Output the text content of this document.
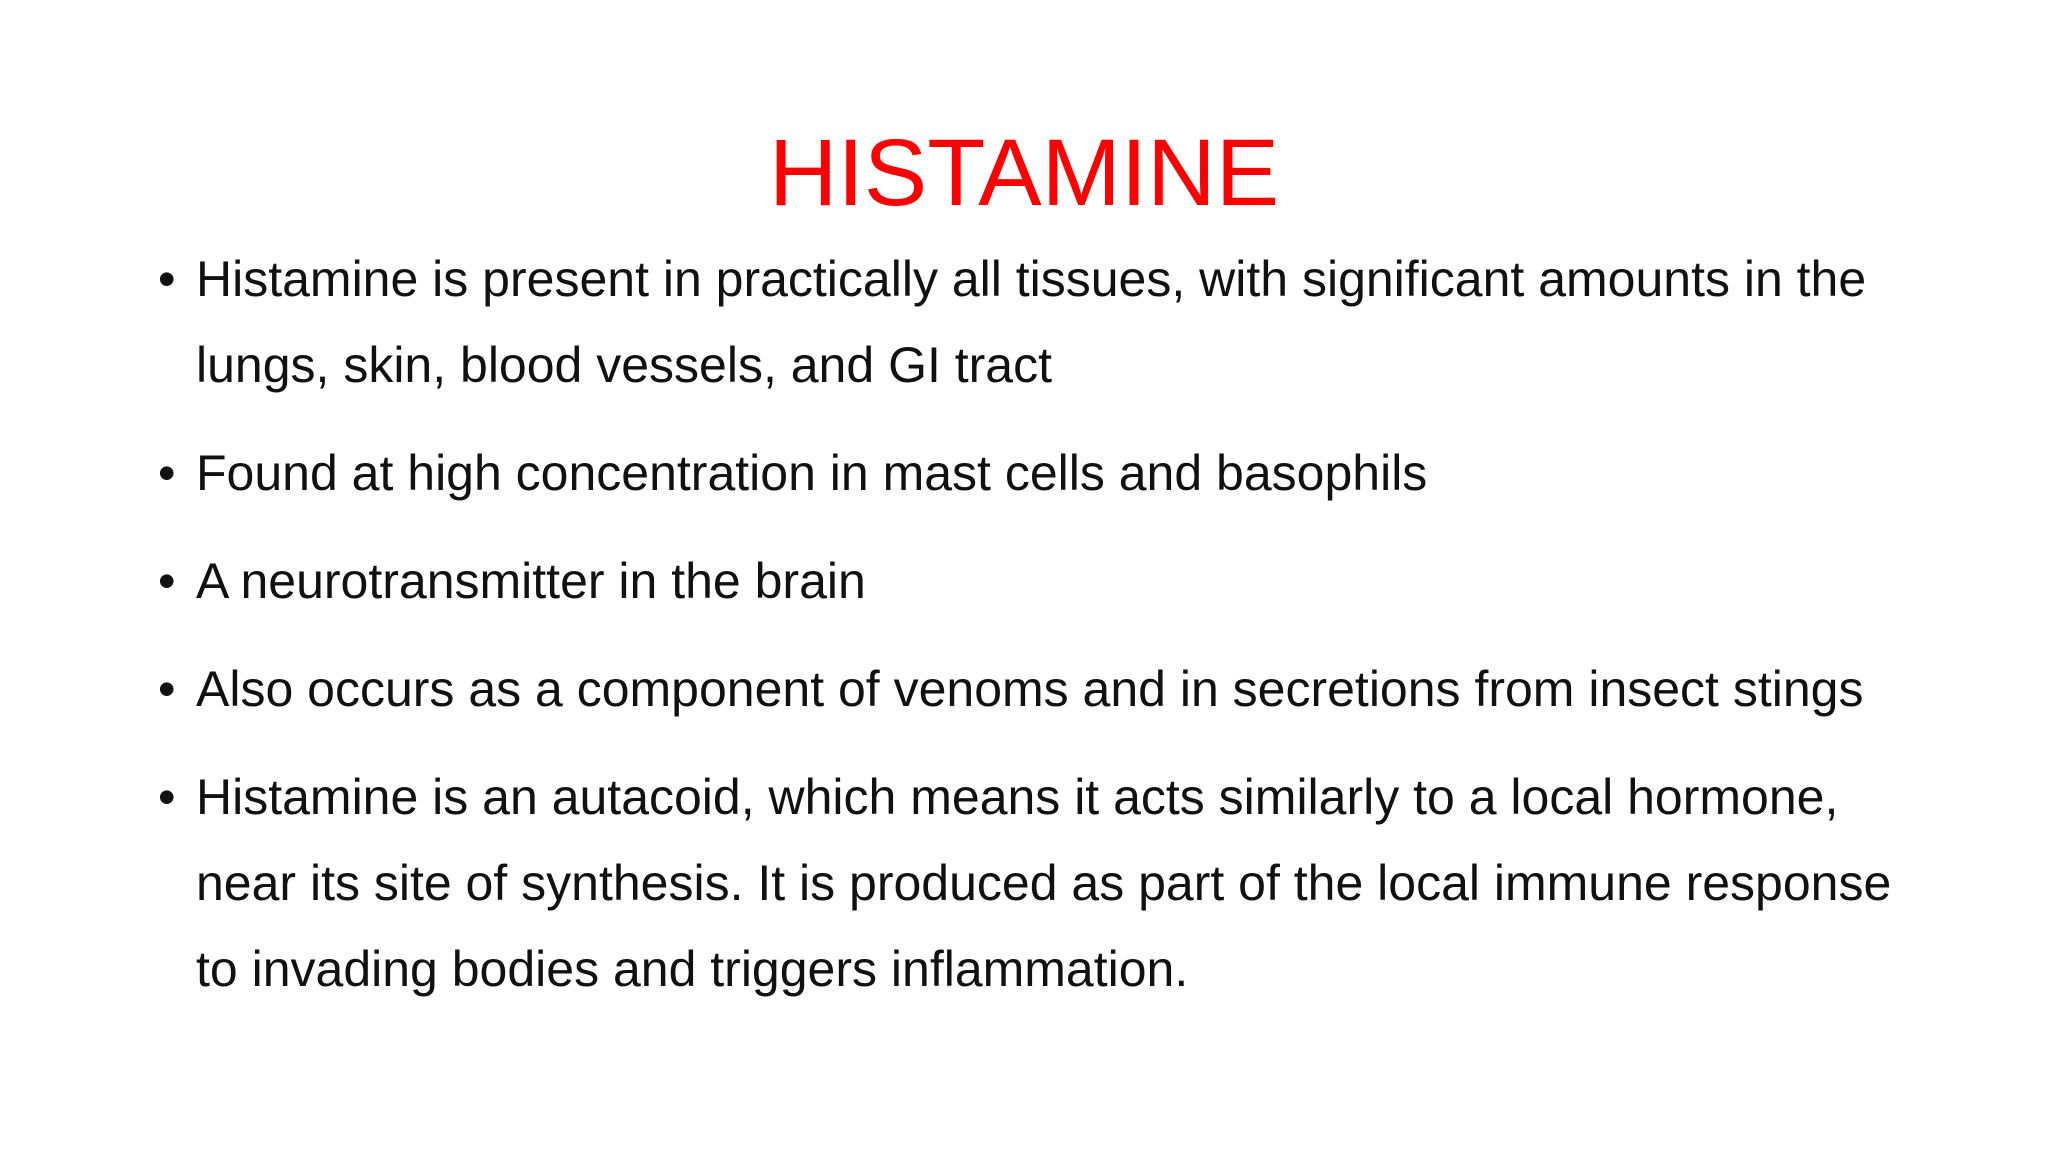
HISTAMINE
• Histamine is present in practically all tissues, with significant amounts in the lungs, skin, blood vessels, and GI tract
• Found at high concentration in mast cells and basophils
• A neurotransmitter in the brain
• Also occurs as a component of venoms and in secretions from insect stings
• Histamine is an autacoid, which means it acts similarly to a local hormone, near its site of synthesis. It is produced as part of the local immune response to invading bodies and triggers inflammation.
